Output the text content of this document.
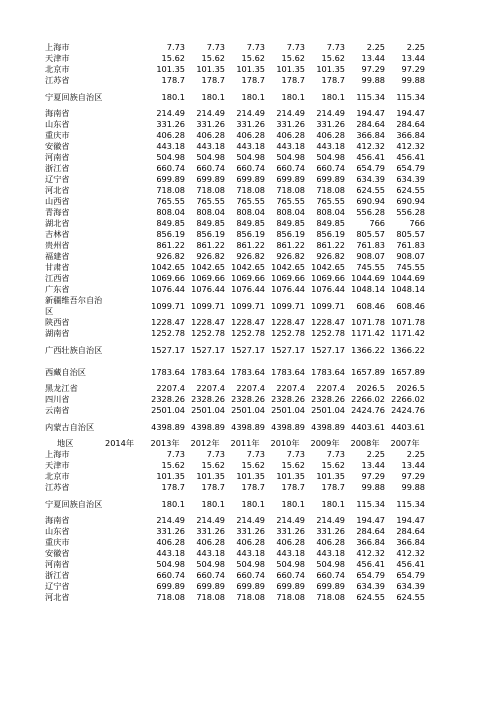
上海市		7.73	7.73	7.73	7.73	7.73	2.25	2.25
天津市		15.62	15.62	15.62	15.62	15.62	13.44	13.44
北京市		101.35	101.35	101.35	101.35	101.35	97.29	97.29
江苏省		178.7	178.7	178.7	178.7	178.7	99.88	99.88
宁夏回族自治区		180.1	180.1	180.1	180.1	180.1	115.34	115.34
海南省		214.49	214.49	214.49	214.49	214.49	194.47	194.47
山东省		331.26	331.26	331.26	331.26	331.26	284.64	284.64
重庆市		406.28	406.28	406.28	406.28	406.28	366.84	366.84
安徽省		443.18	443.18	443.18	443.18	443.18	412.32	412.32
河南省		504.98	504.98	504.98	504.98	504.98	456.41	456.41
浙江省		660.74	660.74	660.74	660.74	660.74	654.79	654.79
辽宁省		699.89	699.89	699.89	699.89	699.89	634.39	634.39
河北省		718.08	718.08	718.08	718.08	718.08	624.55	624.55
山西省		765.55	765.55	765.55	765.55	765.55	690.94	690.94
青海省		808.04	808.04	808.04	808.04	808.04	556.28	556.28
湖北省		849.85	849.85	849.85	849.85	849.85	766	766
吉林省		856.19	856.19	856.19	856.19	856.19	805.57	805.57
贵州省		861.22	861.22	861.22	861.22	861.22	761.83	761.83
福建省		926.82	926.82	926.82	926.82	926.82	908.07	908.07
甘肃省		1042.65	1042.65	1042.65	1042.65	1042.65	745.55	745.55
江西省		1069.66	1069.66	1069.66	1069.66	1069.66	1044.69	1044.69
广东省		1076.44	1076.44	1076.44	1076.44	1076.44	1048.14	1048.14
新疆维吾尔自治区		1099.71	1099.71	1099.71	1099.71	1099.71	608.46	608.46
陕西省		1228.47	1228.47	1228.47	1228.47	1228.47	1071.78	1071.78
湖南省		1252.78	1252.78	1252.78	1252.78	1252.78	1171.42	1171.42
广西壮族自治区		1527.17	1527.17	1527.17	1527.17	1527.17	1366.22	1366.22
西藏自治区		1783.64	1783.64	1783.64	1783.64	1783.64	1657.89	1657.89
黑龙江省		2207.4	2207.4	2207.4	2207.4	2207.4	2026.5	2026.5
四川省		2328.26	2328.26	2328.26	2328.26	2328.26	2266.02	2266.02
云南省		2501.04	2501.04	2501.04	2501.04	2501.04	2424.76	2424.76
内蒙古自治区		4398.89	4398.89	4398.89	4398.89	4398.89	4403.61	4403.61
地区	2014年	2013年	2012年	2011年	2010年	2009年	2008年	2007年
上海市		7.73	7.73	7.73	7.73	7.73	2.25	2.25
天津市		15.62	15.62	15.62	15.62	15.62	13.44	13.44
北京市		101.35	101.35	101.35	101.35	101.35	97.29	97.29
江苏省		178.7	178.7	178.7	178.7	178.7	99.88	99.88
宁夏回族自治区		180.1	180.1	180.1	180.1	180.1	115.34	115.34
海南省		214.49	214.49	214.49	214.49	214.49	194.47	194.47
山东省		331.26	331.26	331.26	331.26	331.26	284.64	284.64
重庆市		406.28	406.28	406.28	406.28	406.28	366.84	366.84
安徽省		443.18	443.18	443.18	443.18	443.18	412.32	412.32
河南省		504.98	504.98	504.98	504.98	504.98	456.41	456.41
浙江省		660.74	660.74	660.74	660.74	660.74	654.79	654.79
辽宁省		699.89	699.89	699.89	699.89	699.89	634.39	634.39
河北省		718.08	718.08	718.08	718.08	718.08	624.55	624.55
